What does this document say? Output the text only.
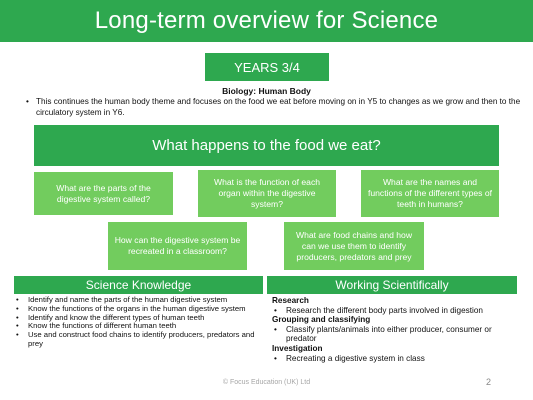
Long-term overview for Science
YEARS 3/4
Biology: Human Body
• This continues the human body theme and focuses on the food we eat before moving on in Y5 to changes as we grow and then to the circulatory system in Y6.
What happens to the food we eat?
What are the parts of the digestive system called?
What is the function of each organ within the digestive system?
What are the names and functions of the different types of teeth in humans?
How can the digestive system be recreated in a classroom?
What are food chains and how can we use them to identify producers, predators and prey
Science Knowledge	Working Scientifically
• Identify and name the parts of the human digestive system
• Know the functions of the organs in the human digestive system
• Identify and know the different types of human teeth
• Know the functions of different human teeth
• Use and construct food chains to identify producers, predators and prey
Research
• Research the different body parts involved in digestion
Grouping and classifying
• Classify plants/animals into either producer, consumer or predator
Investigation
• Recreating a digestive system in class
© Focus Education (UK) Ltd	2
